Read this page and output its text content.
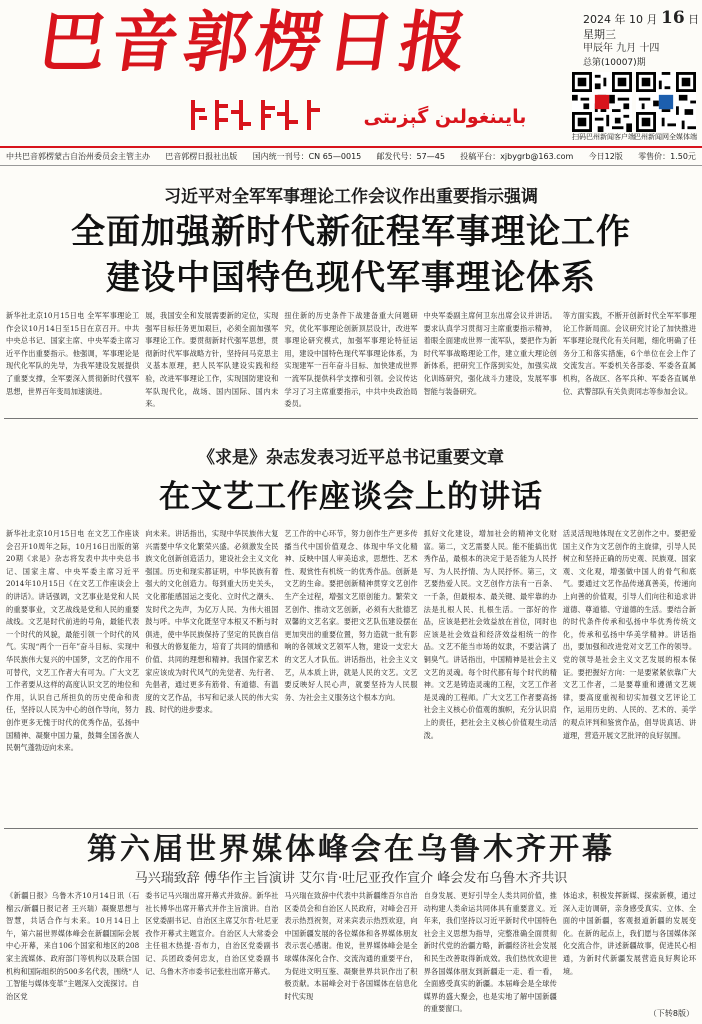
巴音郭楞日报
بايىنغولىن گېزىتى
2024 年 10 月 16 日
星期三
甲辰年 九月 十四
总第(10007)期
扫码巴州新闻客户端 巴州新闻网全媒体端
中共巴音郭楞蒙古自治州委员会主管主办 巴音郭楞日报社出版 国内统一刊号：CN 65—0015 邮发代号：57—45 投稿平台：xjbygrb@163.com 今日12版 零售价：1.50元
习近平对全军军事理论工作会议作出重要指示强调
全面加强新时代新征程军事理论工作
建设中国特色现代军事理论体系
新华社北京10月15日电 全军军事理论工作会议10月14日至15日在京召开。中共中央总书记、国家主席、中央军委主席习近平作出重要指示。他强调，军事理论是现代化军队的先导，为我军建设发展提供了重要支撑，全军要深入贯彻新时代强军思想，世界百年变局加速演进。
展，我国安全和发展需要新的定位，实现强军目标任务更加艰巨，必须全面加强军事理论工作。要贯彻新时代强军思想，贯彻新时代军事战略方针，坚持问马克思主义基本原理，把人民军队建设实践和经验，改进军事理论工作，实现国防建设和军队现代化，战场、国内国际、国内未来。
扭住新的历史条件下战建备重大问题研究，优化军事理论创新顶层设计，改进军事理论研究模式，加强军事理论特征运用，建设中国特色现代军事理论体系，为实现建军一百年奋斗目标、加快建成世界一流军队提供科学支撑和引领。会议传达学习了习主席重要指示，中共中央政治局委员。
中央军委副主席何卫东出席会议并讲话。要求认真学习贯彻习主席重要指示精神，着眼全面建成世界一流军队，要把作为新时代军事战略理论工作，建立重大理论创新体系，把研究工作落到实处，加强实战化训练研究，强化战斗力建设，发展军事智能与装备研究。
等方面实践，不断开创新时代全军军事理论工作新局面。会议研究讨论了加快推进军事理论现代化有关问题，细化明确了任务分工和落实措施，6个单位在会上作了交流发言。军委机关各部委、军委各直属机构，各战区、各军兵种、军委各直属单位、武警部队有关负责同志等参加会议。
《求是》杂志发表习近平总书记重要文章
在文艺工作座谈会上的讲话
新华社北京10月15日电 在文艺工作座谈会召开10周年之际，10月16日出版的第20期《求是》杂志将发表中共中央总书记、国家主席、中央军委主席习近平2014年10月15日《在文艺工作座谈会上的讲话》。讲话强调，文艺事业是党和人民的重要事业，文艺战线是党和人民的重要战线。文艺是时代前进的号角，最能代表一个时代的风貌，最能引领一个时代的风气。实现“两个一百年”奋斗目标、实现中华民族伟大复兴的中国梦，文艺的作用不可替代，文艺工作者大有可为。广大文艺工作者要从这样的高度认识文艺的地位和作用，认识自己所担负的历史使命和责任，坚持以人民为中心的创作导向，努力创作更多无愧于时代的优秀作品，弘扬中国精神、凝聚中国力量，鼓舞全国各族人民朝气蓬勃迈向未来。
向未来。讲话指出，实现中华民族伟大复兴需要中华文化繁荣兴盛。必须激发全民族文化创新创造活力，建设社会主义文化强国。历史和现实都证明，中华民族有着强大的文化创造力。每到重大历史关头，文化都能感国运之变化、立时代之潮头、发时代之先声，为亿万人民、为伟大祖国鼓与呼。中华文化既坚守本根又不断与时俱进，使中华民族保持了坚定的民族自信和强大的修复能力，培育了共同的情感和价值、共同的理想和精神。我国作家艺术家应该成为时代风气的先觉者、先行者、先倡者，通过更多有筋骨、有道德、有温度的文艺作品，书写和记录人民的伟大实践、时代的进步要求。
艺工作的中心环节，努力创作生产更多传播当代中国价值观念、体现中华文化精神、反映中国人审美追求，思想性、艺术性、观赏性有机统一的优秀作品。创新是文艺的生命。要把创新精神贯穿文艺创作生产全过程，增强文艺原创能力。繁荣文艺创作、推动文艺创新，必须有大批德艺双馨的文艺名家。要把文艺队伍建设摆在更加突出的重要位置，努力造就一批有影响的各领域文艺领军人物，建设一支宏大的文艺人才队伍。讲话指出，社会主义文艺，从本质上讲，就是人民的文艺。文艺要反映好人民心声，就要坚持为人民服务、为社会主义服务这个根本方向。
抓好文化建设，增加社会的精神文化财富。第二，文艺需要人民。能不能搞出优秀作品，最根本的决定于是否能为人民抒写、为人民抒情、为人民抒怀。第三，文艺要热爱人民。文艺创作方法有一百条、一千条，但最根本、最关键、最牢靠的办法是扎根人民、扎根生活。一部好的作品，应该是把社会效益放在首位，同时也应该是社会效益和经济效益相统一的作品。文艺不能当市场的奴隶，不要沾满了铜臭气。讲话指出，中国精神是社会主义文艺的灵魂。每个时代都有每个时代的精神。文艺是铸造灵魂的工程，文艺工作者是灵魂的工程师。广大文艺工作者要高扬社会主义核心价值观的旗帜，充分认识肩上的责任，把社会主义核心价值观生动活泼。
活灵活现地体现在文艺创作之中。要把爱国主义作为文艺创作的主旋律，引导人民树立和坚持正确的历史观、民族观、国家观、文化观，增强做中国人的骨气和底气。要通过文艺作品传递真善美，传递向上向善的价值观，引导人们向往和追求讲道德、尊道德、守道德的生活。要结合新的时代条件传承和弘扬中华优秀传统文化，传承和弘扬中华美学精神。讲话指出，要加强和改进党对文艺工作的领导。党的领导是社会主义文艺发展的根本保证。要把握好方向：一是要紧紧依靠广大文艺工作者，二是要尊重和遵循文艺规律，要高度重视和切实加强文艺评论工作，运用历史的、人民的、艺术的、美学的观点评判和鉴赏作品，倡导说真话、讲道理，营造开展文艺批评的良好氛围。
第六届世界媒体峰会在乌鲁木齐开幕
马兴瑞致辞 傅华作主旨演讲 艾尔肯·吐尼亚孜作宣介 峰会发布乌鲁木齐共识
《新疆日报》乌鲁木齐10月14日讯（石榴云/新疆日报记者 王兴瑞）凝聚思想与智慧，共话合作与未来。10月14日上午，第六届世界媒体峰会在新疆国际会展中心开幕，来自106个国家和地区的208家主流媒体、政府部门等机构以及联合国机构和国际组织的500多名代表，围绕“人工智能与媒体变革”主题深入交流探讨。自治区党
委书记马兴瑞出席开幕式并致辞。新华社社长傅华出席开幕式并作主旨演讲。自治区党委副书记、自治区主席艾尔肯·吐尼亚孜作开幕式主题宣介。自治区人大常委会主任祖木热提·吾布力，自治区党委副书记、兵团政委何忠友，自治区党委副书记、乌鲁木齐市委书记张柱出席开幕式。
马兴瑞在致辞中代表中共新疆维吾尔自治区委员会和自治区人民政府，对峰会召开表示热烈祝贺，对来宾表示热烈欢迎，向中国新疆发展的各位媒体和各界媒体朋友表示衷心感谢。他说，世界媒体峰会是全球媒体深化合作、交流沟通的重要平台，为促进文明互鉴、凝聚世界共识作出了积极贡献。本届峰会对于各国媒体在信息化时代实现
自身发展、更好引导全人类共同价值，推动构建人类命运共同体具有重要意义。近年来，我们坚持以习近平新时代中国特色社会主义思想为指导，完整准确全面贯彻新时代党的治疆方略，新疆经济社会发展和民生改善取得新成效。我们热忱欢迎世界各国媒体朋友到新疆走一走、看一看，全面感受真实的新疆。本届峰会是全球传媒界的盛大聚会，也是实地了解中国新疆的重要窗口。
体追求，积极发挥新媒、探索新模，通过深入走访调研，亲身感受真实、立体、全面的中国新疆，客观报道新疆的发展变化。在新的起点上，我们愿与各国媒体深化交流合作，讲述新疆故事，促进民心相通，为新时代新疆发展营造良好舆论环境。
（下转8版）
